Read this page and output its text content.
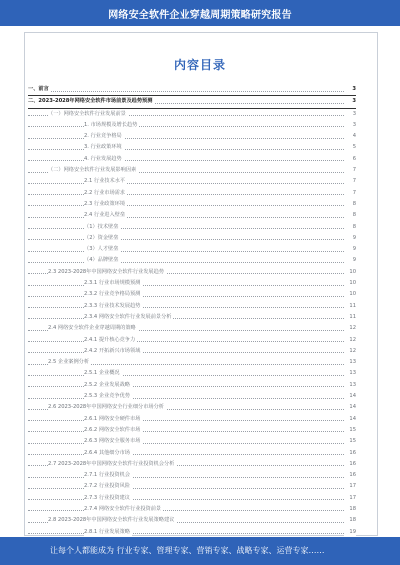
网络安全软件企业穿越周期策略研究报告
内容目录
一、前言	3
二、2023-2028年网络安全软件市场前景及趋势预测	3
（一）网络安全软件行业发展前景	3
1. 市场规模及增长趋势	3
2. 行业竞争格局	4
3. 行业政策环境	5
4. 行业发展趋势	6
（二）网络安全软件行业发展影响因素	7
2.1 行业技术水平	7
2.2 行业市场需求	7
2.3 行业政策环境	8
2.4 行业进入壁垒	8
（1）技术壁垒	8
（2）资金壁垒	9
（3）人才壁垒	9
（4）品牌壁垒	9
2.3 2023-2028年中国网络安全软件行业发展趋势	10
2.3.1 行业市场规模预测	10
2.3.2 行业竞争格局预测	10
2.3.3 行业技术发展趋势	11
2.3.4 网络安全软件行业发展前景分析	11
2.4 网络安全软件企业穿越周期的策略	12
2.4.1 提升核心竞争力	12
2.4.2 开拓新兴市场领域	12
2.5 企业案例分析	13
2.5.1 企业概况	13
2.5.2 企业发展战略	13
2.5.3 企业竞争优势	14
2.6 2023-2028年中国网络安全行业细分市场分析	14
2.6.1 网络安全硬件市场	14
2.6.2 网络安全软件市场	15
2.6.3 网络安全服务市场	15
2.6.4 其他细分市场	16
2.7 2023-2028年中国网络安全软件行业投资机会分析	16
2.7.1 行业投资机会	16
2.7.2 行业投资风险	17
2.7.3 行业投资建议	17
2.7.4 网络安全软件行业投资前景	18
2.8 2023-2028年中国网络安全软件行业发展策略建议	18
2.8.1 行业发展策略	19
让每个人都能成为 行业专家、管理专家、营销专家、战略专家、运营专家……
